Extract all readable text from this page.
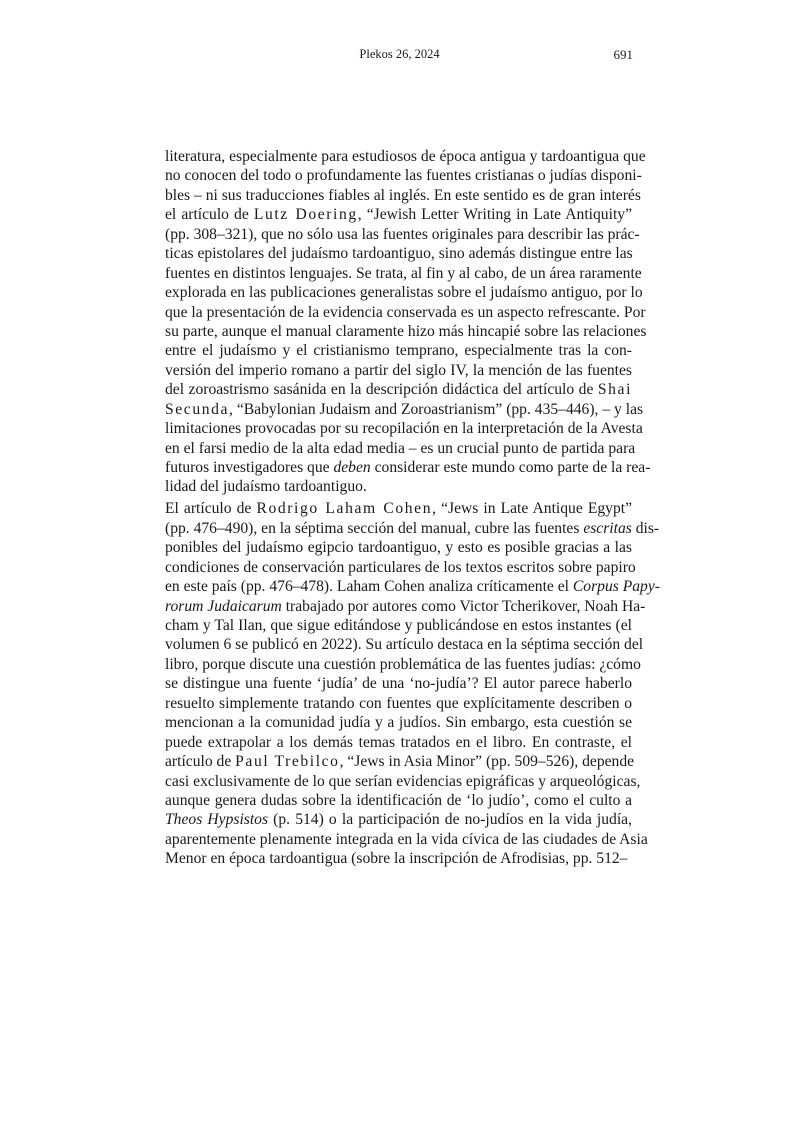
Plekos 26, 2024	691
literatura, especialmente para estudiosos de época antigua y tardoantigua que
no conocen del todo o profundamente las fuentes cristianas o judías disponi-
bles – ni sus traducciones fiables al inglés. En este sentido es de gran interés
el artículo de Lutz Doering, “Jewish Letter Writing in Late Antiquity”
(pp. 308–321), que no sólo usa las fuentes originales para describir las prác-
ticas epistolares del judaísmo tardoantiguo, sino además distingue entre las
fuentes en distintos lenguajes. Se trata, al fin y al cabo, de un área raramente
explorada en las publicaciones generalistas sobre el judaísmo antiguo, por lo
que la presentación de la evidencia conservada es un aspecto refrescante. Por
su parte, aunque el manual claramente hizo más hincapié sobre las relaciones
entre el judaísmo y el cristianismo temprano, especialmente tras la con-
versión del imperio romano a partir del siglo IV, la mención de las fuentes
del zoroastrismo sasánida en la descripción didáctica del artículo de Shai
Secunda, “Babylonian Judaism and Zoroastrianism” (pp. 435–446), – y las
limitaciones provocadas por su recopilación en la interpretación de la Avesta
en el farsi medio de la alta edad media – es un crucial punto de partida para
futuros investigadores que deben considerar este mundo como parte de la rea-
lidad del judaísmo tardoantiguo.
El artículo de Rodrigo Laham Cohen, “Jews in Late Antique Egypt”
(pp. 476–490), en la séptima sección del manual, cubre las fuentes escritas dis-
ponibles del judaísmo egipcio tardoantiguo, y esto es posible gracias a las
condiciones de conservación particulares de los textos escritos sobre papiro
en este país (pp. 476–478). Laham Cohen analiza críticamente el Corpus Papy-
rorum Judaicarum trabajado por autores como Victor Tcherikover, Noah Ha-
cham y Tal Ilan, que sigue editándose y publicándose en estos instantes (el
volumen 6 se publicó en 2022). Su artículo destaca en la séptima sección del
libro, porque discute una cuestión problemática de las fuentes judías: ¿cómo
se distingue una fuente ‘judía’ de una ‘no-judía’? El autor parece haberlo
resuelto simplemente tratando con fuentes que explícitamente describen o
mencionan a la comunidad judía y a judíos. Sin embargo, esta cuestión se
puede extrapolar a los demás temas tratados en el libro. En contraste, el
artículo de Paul Trebilco, “Jews in Asia Minor” (pp. 509–526), depende
casi exclusivamente de lo que serían evidencias epigráficas y arqueológicas,
aunque genera dudas sobre la identificación de ‘lo judío’, como el culto a
Theos Hypsistos (p. 514) o la participación de no-judíos en la vida judía,
aparentemente plenamente integrada en la vida cívica de las ciudades de Asia
Menor en época tardoantigua (sobre la inscripción de Afrodisias, pp. 512–
